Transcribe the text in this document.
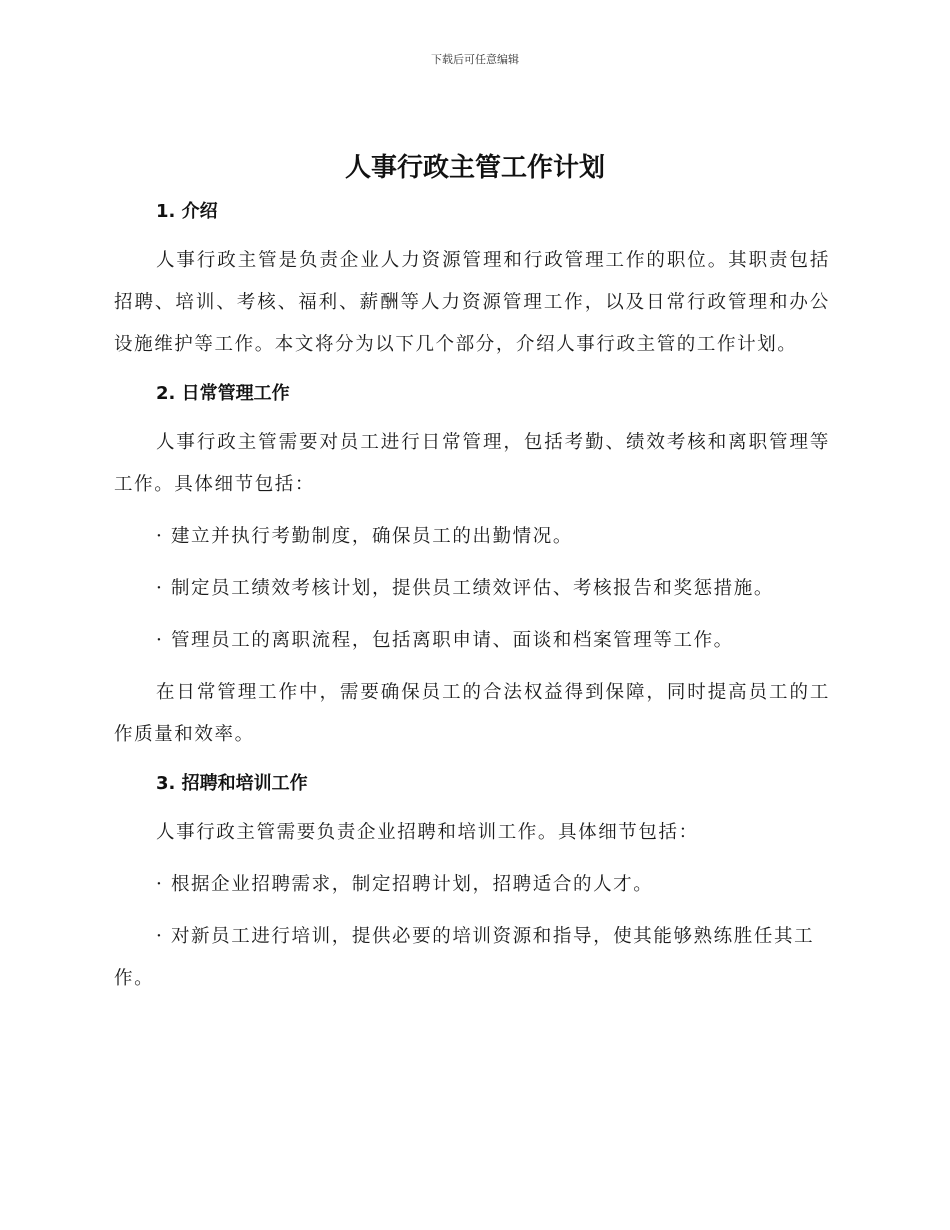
下载后可任意编辑
人事行政主管工作计划
1. 介绍

人事行政主管是负责企业人力资源管理和行政管理工作的职位。其职责包括招聘、培训、考核、福利、薪酬等人力资源管理工作，以及日常行政管理和办公设施维护等工作。本文将分为以下几个部分，介绍人事行政主管的工作计划。

2. 日常管理工作

人事行政主管需要对员工进行日常管理，包括考勤、绩效考核和离职管理等工作。具体细节包括：

· 建立并执行考勤制度，确保员工的出勤情况。

· 制定员工绩效考核计划，提供员工绩效评估、考核报告和奖惩措施。

· 管理员工的离职流程，包括离职申请、面谈和档案管理等工作。

在日常管理工作中，需要确保员工的合法权益得到保障，同时提高员工的工作质量和效率。

3. 招聘和培训工作

人事行政主管需要负责企业招聘和培训工作。具体细节包括：

· 根据企业招聘需求，制定招聘计划，招聘适合的人才。

· 对新员工进行培训，提供必要的培训资源和指导，使其能够熟练胜任其工作。
